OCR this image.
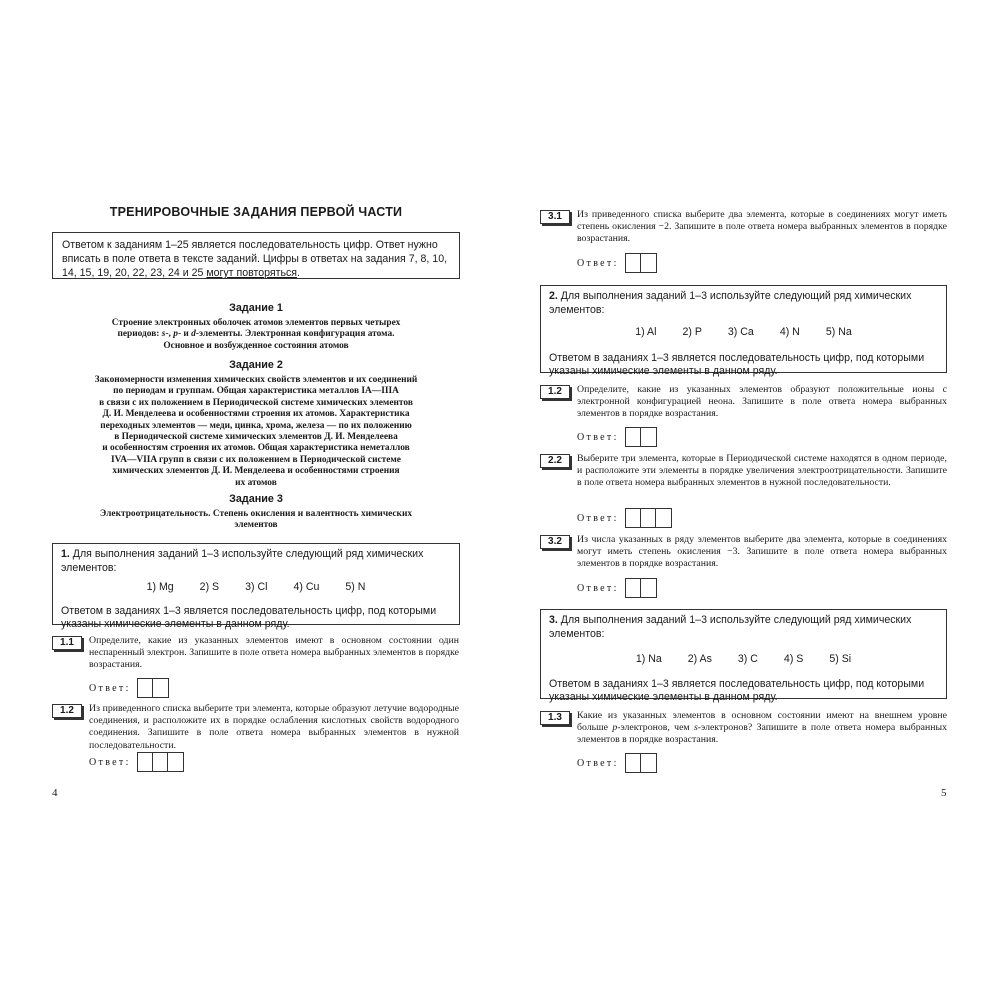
ТРЕНИРОВОЧНЫЕ ЗАДАНИЯ ПЕРВОЙ ЧАСТИ
Ответом к заданиям 1–25 является последовательность цифр. Ответ нужно вписать в поле ответа в тексте заданий. Цифры в ответах на задания 7, 8, 10, 14, 15, 19, 20, 22, 23, 24 и 25 могут повторяться.
Задание 1
Строение электронных оболочек атомов элементов первых четырех
периодов: s-, p- и d-элементы. Электронная конфигурация атома.
Основное и возбужденное состояния атомов
Задание 2
Закономерности изменения химических свойств элементов и их соединений
по периодам и группам. Общая характеристика металлов IA—IIIA
в связи с их положением в Периодической системе химических элементов
Д. И. Менделеева и особенностями строения их атомов. Характеристика
переходных элементов — меди, цинка, хрома, железа — по их положению
в Периодической системе химических элементов Д. И. Менделеева
и особенностям строения их атомов. Общая характеристика неметаллов
IVA—VIIA групп в связи с их положением в Периодической системе
химических элементов Д. И. Менделеева и особенностями строения
их атомов
Задание 3
Электроотрицательность. Степень окисления и валентность химических
элементов
1. Для выполнения заданий 1–3 используйте следующий ряд химических элементов:
1) Mg 2) S 3) Cl 4) Cu 5) N
Ответом в заданиях 1–3 является последовательность цифр, под которыми указаны химические элементы в данном ряду.
1.1	Определите, какие из указанных элементов имеют в основном состоянии один неспаренный электрон. Запишите в поле ответа номера выбранных элементов в порядке возрастания.
Ответ:
1.2	Из приведенного списка выберите три элемента, которые образуют летучие водородные соединения, и расположите их в порядке ослабления кислотных свойств водородного соединения. Запишите в поле ответа номера выбранных элементов в нужной последовательности.
Ответ:
4
3.1	Из приведенного списка выберите два элемента, которые в соединениях могут иметь степень окисления −2. Запишите в поле ответа номера выбранных элементов в порядке возрастания.
Ответ:
2. Для выполнения заданий 1–3 используйте следующий ряд химических элементов:
1) Al 2) P 3) Ca 4) N 5) Na
Ответом в заданиях 1–3 является последовательность цифр, под которыми указаны химические элементы в данном ряду.
1.2	Определите, какие из указанных элементов образуют положительные ионы с электронной конфигурацией неона. Запишите в поле ответа номера выбранных элементов в порядке возрастания.
Ответ:
2.2	Выберите три элемента, которые в Периодической системе находятся в одном периоде, и расположите эти элементы в порядке увеличения электроотрицательности. Запишите в поле ответа номера выбранных элементов в нужной последовательности.
Ответ:
3.2	Из числа указанных в ряду элементов выберите два элемента, которые в соединениях могут иметь степень окисления −3. Запишите в поле ответа номера выбранных элементов в порядке возрастания.
Ответ:
3. Для выполнения заданий 1–3 используйте следующий ряд химических элементов:
1) Na 2) As 3) C 4) S 5) Si
Ответом в заданиях 1–3 является последовательность цифр, под которыми указаны химические элементы в данном ряду.
1.3	Какие из указанных элементов в основном состоянии имеют на внешнем уровне больше p-электронов, чем s-электронов? Запишите в поле ответа номера выбранных элементов в порядке возрастания.
Ответ:
5
